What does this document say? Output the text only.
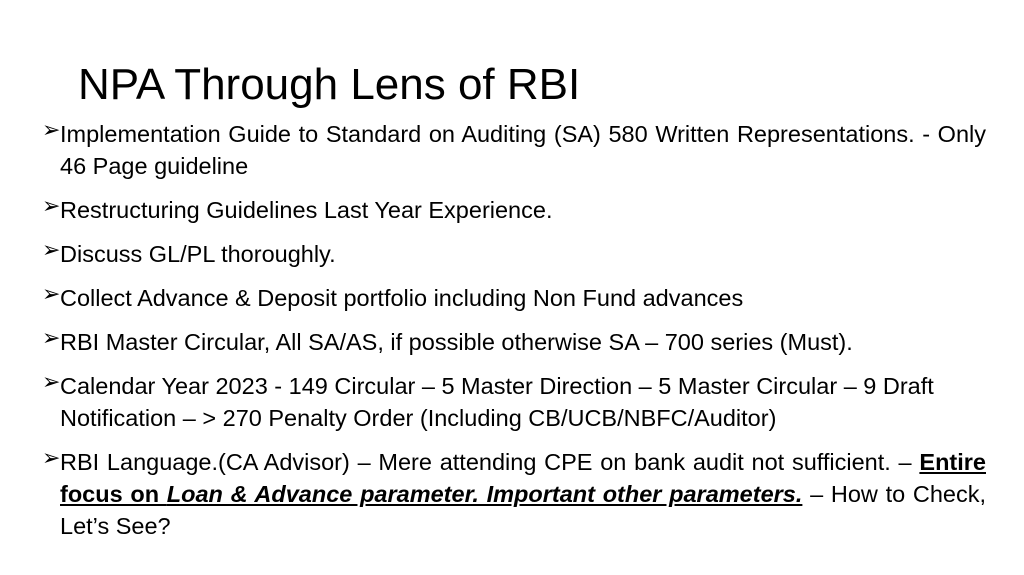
NPA Through Lens of RBI
➢ Implementation Guide to Standard on Auditing (SA) 580 Written Representations. - Only 46 Page guideline
➢ Restructuring Guidelines Last Year Experience.
➢ Discuss GL/PL thoroughly.
➢ Collect Advance & Deposit portfolio including Non Fund advances
➢ RBI Master Circular, All SA/AS, if possible otherwise SA – 700 series (Must).
➢ Calendar Year 2023 - 149 Circular – 5 Master Direction – 5 Master Circular – 9 Draft Notification – > 270 Penalty Order (Including CB/UCB/NBFC/Auditor)
➢ RBI Language.(CA Advisor) – Mere attending CPE on bank audit not sufficient. – Entire focus on Loan & Advance parameter. Important other parameters. – How to Check, Let’s See?
